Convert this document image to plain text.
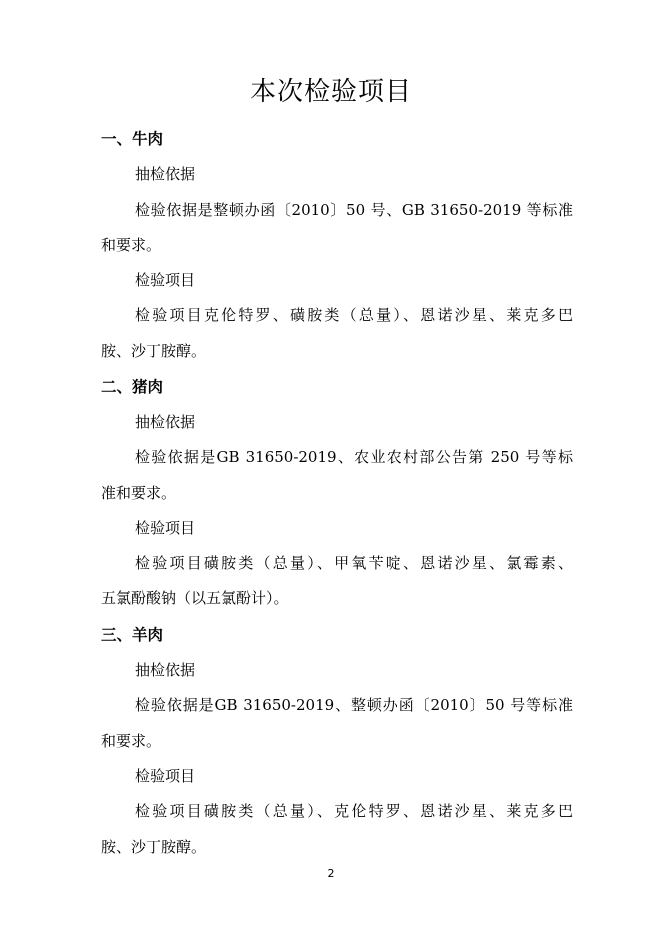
本次检验项目
一、牛肉
抽检依据
检验依据是整顿办函〔2010〕50 号、GB 31650-2019 等标准
和要求。
检验项目
检验项目克伦特罗、磺胺类（总量）、恩诺沙星、莱克多巴
胺、沙丁胺醇。
二、猪肉
抽检依据
检验依据是GB 31650-2019、农业农村部公告第 250 号等标
准和要求。
检验项目
检验项目磺胺类（总量）、甲氧苄啶、恩诺沙星、氯霉素、
五氯酚酸钠（以五氯酚计）。
三、羊肉
抽检依据
检验依据是GB 31650-2019、整顿办函〔2010〕50 号等标准
和要求。
检验项目
检验项目磺胺类（总量）、克伦特罗、恩诺沙星、莱克多巴
胺、沙丁胺醇。
2
